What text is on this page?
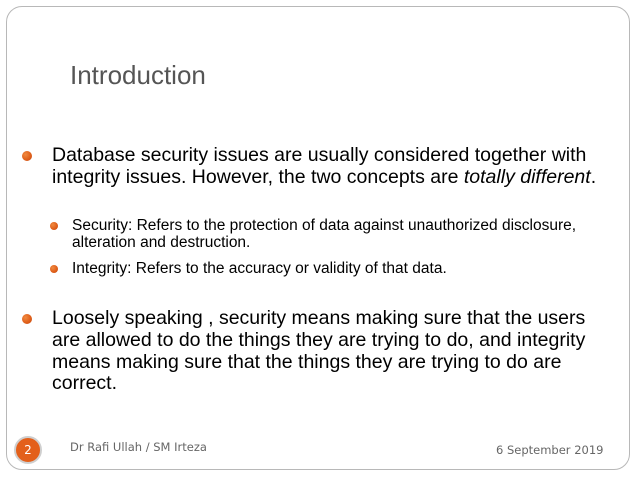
Introduction
Database security issues are usually considered together with integrity issues. However, the two concepts are totally different.
Security: Refers to the protection of data against unauthorized disclosure, alteration and destruction.
Integrity: Refers to the accuracy or validity of that data.
Loosely speaking , security means making sure that the users are allowed to do the things they are trying to do, and integrity means making sure that the things they are trying to do are correct.
2	Dr Rafi Ullah / SM Irteza	6 September 2019
